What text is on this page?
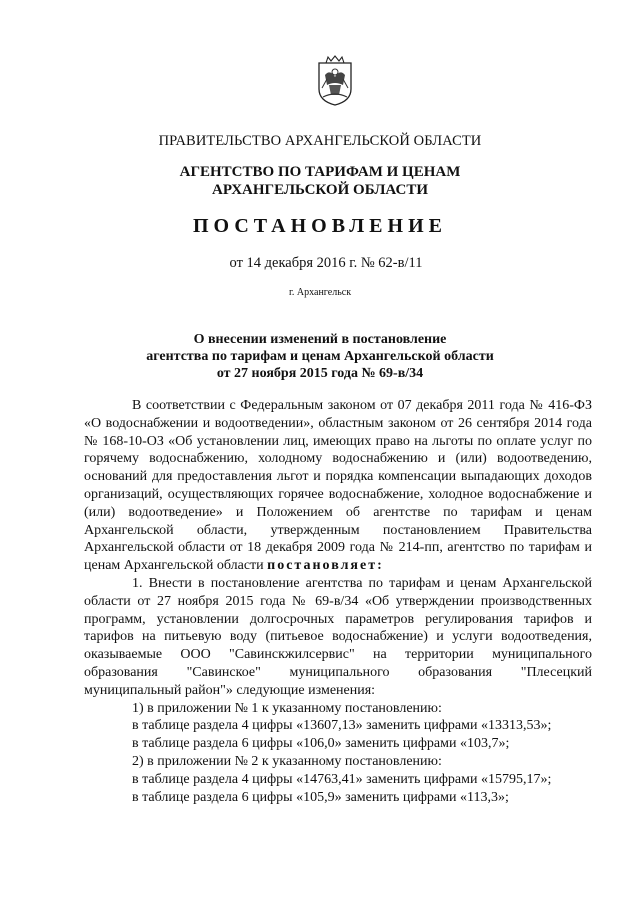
ПРАВИТЕЛЬСТВО АРХАНГЕЛЬСКОЙ ОБЛАСТИ
АГЕНТСТВО ПО ТАРИФАМ И ЦЕНАМ
АРХАНГЕЛЬСКОЙ ОБЛАСТИ
ПОСТАНОВЛЕНИЕ
от 14 декабря 2016 г. № 62-в/11
г. Архангельск
О внесении изменений в постановление
агентства по тарифам и ценам Архангельской области
от 27 ноября 2015 года № 69-в/34

В соответствии с Федеральным законом от 07 декабря 2011 года № 416-ФЗ «О водоснабжении и водоотведении», областным законом от 26 сентября 2014 года № 168-10-ОЗ «Об установлении лиц, имеющих право на льготы по оплате услуг по горячему водоснабжению, холодному водоснабжению и (или) водоотведению, оснований для предоставления льгот и порядка компенсации выпадающих доходов организаций, осуществляющих горячее водоснабжение, холодное водоснабжение и (или) водоотведение» и Положением об агентстве по тарифам и ценам Архангельской области, утвержденным постановлением Правительства Архангельской области от 18 декабря 2009 года № 214-пп, агентство по тарифам и ценам Архангельской области постановляет:

1. Внести в постановление агентства по тарифам и ценам Архангельской области от 27 ноября 2015 года № 69-в/34 «Об утверждении производственных программ, установлении долгосрочных параметров регулирования тарифов и тарифов на питьевую воду (питьевое водоснабжение) и услуги водоотведения, оказываемые ООО "Савинскжилсервис" на территории муниципального образования "Савинское" муниципального образования "Плесецкий муниципальный район"» следующие изменения:

1) в приложении № 1 к указанному постановлению:

в таблице раздела 4 цифры «13607,13» заменить цифрами «13313,53»;

в таблице раздела 6 цифры «106,0» заменить цифрами «103,7»;

2) в приложении № 2 к указанному постановлению:

в таблице раздела 4 цифры «14763,41» заменить цифрами «15795,17»;

в таблице раздела 6 цифры «105,9» заменить цифрами «113,3»;
